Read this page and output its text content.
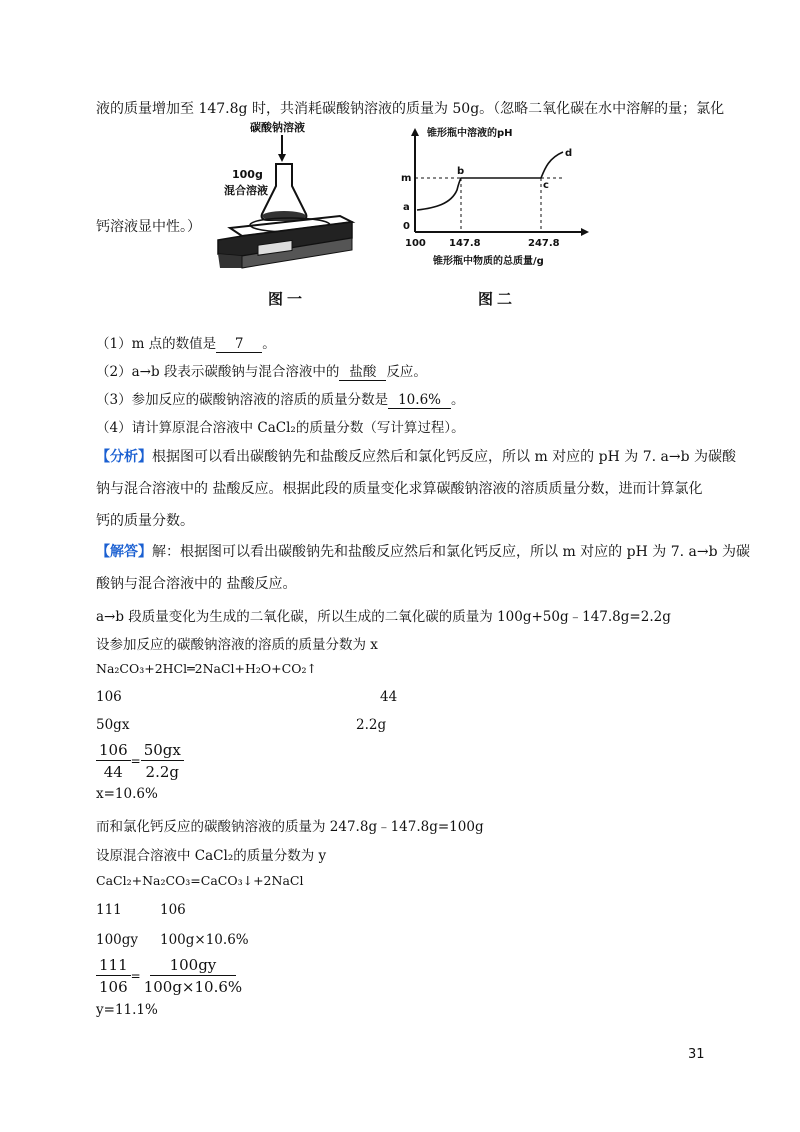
液的质量增加至 147.8g 时，共消耗碳酸钠溶液的质量为 50g。（忽略二氧化碳在水中溶解的量；氯化
钙溶液显中性。）
碳酸钠溶液
100g
混合溶液
图一
锥形瓶中溶液的pH
m
a
0
b
c
d
100 147.8	247.8
锥形瓶中物质的总质量/g
图二
（1）m 点的数值是 7 。
（2）a→b 段表示碳酸钠与混合溶液中的 盐酸 反应。
（3）参加反应的碳酸钠溶液的溶质的质量分数是 10.6% 。
（4）请计算原混合溶液中 CaCl₂的质量分数（写计算过程）。
【分析】根据图可以看出碳酸钠先和盐酸反应然后和氯化钙反应，所以 m 对应的 pH 为 7. a→b 为碳酸
钠与混合溶液中的 盐酸反应。根据此段的质量变化求算碳酸钠溶液的溶质质量分数，进而计算氯化
钙的质量分数。
【解答】解：根据图可以看出碳酸钠先和盐酸反应然后和氯化钙反应，所以 m 对应的 pH 为 7. a→b 为碳
酸钠与混合溶液中的 盐酸反应。
a→b 段质量变化为生成的二氧化碳，所以生成的二氧化碳的质量为 100g+50g﹣147.8g=2.2g
设参加反应的碳酸钠溶液的溶质的质量分数为 x
Na₂CO₃+2HCl═2NaCl+H₂O+CO₂↑
106	44
50gx	2.2g
$\frac{106}{44} =\frac{50gx}{2.2g}$
x=10.6%
而和氯化钙反应的碳酸钠溶液的质量为 247.8g﹣147.8g=100g
设原混合溶液中 CaCl₂的质量分数为 y
CaCl₂+Na₂CO₃=CaCO₃↓+2NaCl
111	106
100gy 100g×10.6%
$\frac{111}{106} =\frac{100gy}{100g\times 10.6\%}$
y=11.1%
31
